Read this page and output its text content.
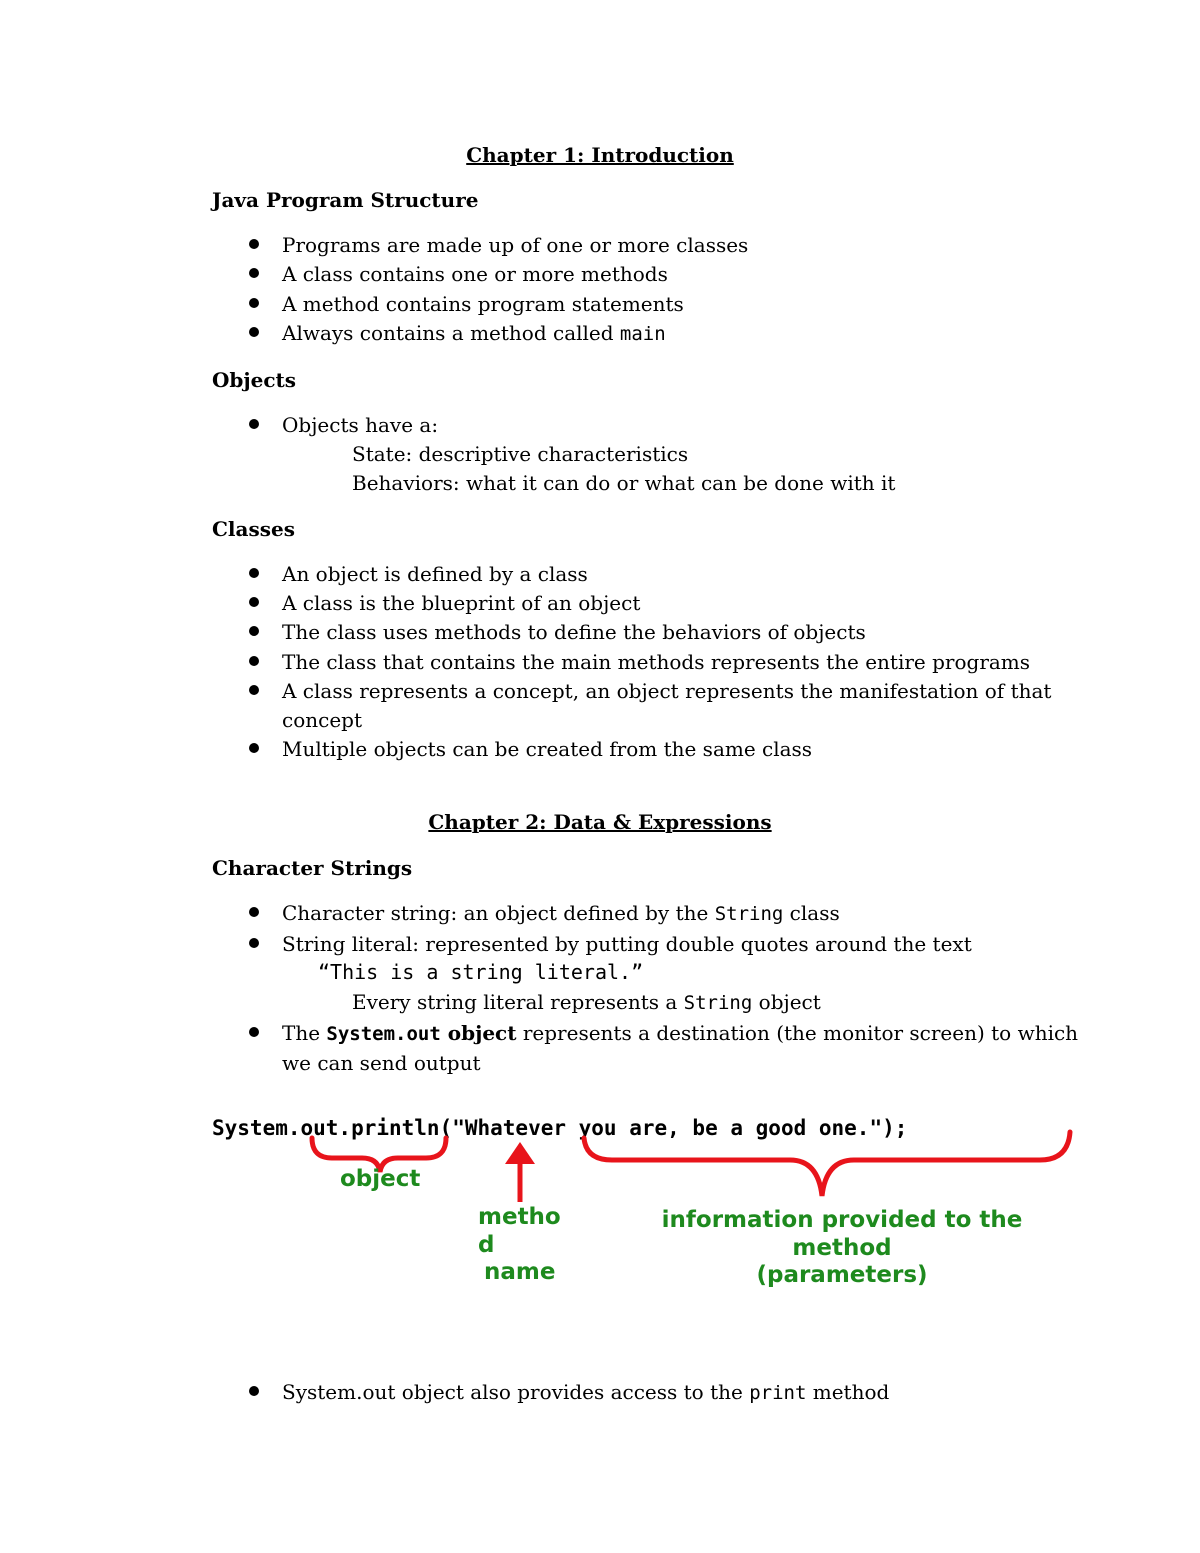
Chapter 1: Introduction
Java Program Structure
Programs are made up of one or more classes
A class contains one or more methods
A method contains program statements
Always contains a method called main
Objects
Objects have a:
State: descriptive characteristics
Behaviors: what it can do or what can be done with it
Classes
An object is defined by a class
A class is the blueprint of an object
The class uses methods to define the behaviors of objects
The class that contains the main methods represents the entire programs
A class represents a concept, an object represents the manifestation of that
concept
Multiple objects can be created from the same class
Chapter 2: Data & Expressions
Character Strings
Character string: an object defined by the String class
String literal: represented by putting double quotes around the text
“This is a string literal.”
Every string literal represents a String object
The System.out object represents a destination (the monitor screen) to which
we can send output
System.out.println("Whatever you are, be a good one.");
object
metho
d
name
information provided to the
method
(parameters)
System.out object also provides access to the print method
